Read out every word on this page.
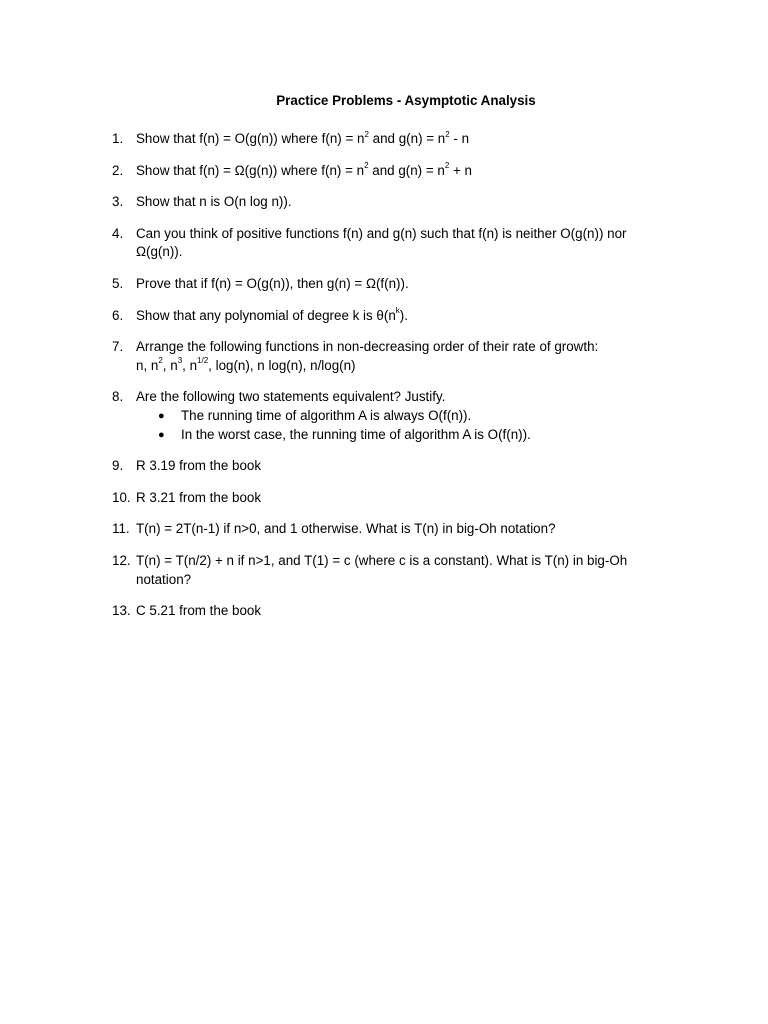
Practice Problems - Asymptotic Analysis
1. Show that f(n) = O(g(n)) where $f(n) = n^2$ and $g(n) = n^2 - n$
2. Show that f(n) = Ω(g(n)) where $f(n) = n^2$ and $g(n) = n^2 + n$
3. Show that n is O(n log n)).
4. Can you think of positive functions f(n) and g(n) such that f(n) is neither O(g(n)) nor
Ω(g(n)).
5. Prove that if f(n) = O(g(n)), then g(n) = Ω(f(n)).
6. Show that any polynomial of degree k is $\theta(n^k)$.
7. Arrange the following functions in non-decreasing order of their rate of growth:
n, $n^2$, $n^3$, $n^{1/2}$, log(n), n log(n), n/log(n)
8. Are the following two statements equivalent? Justify.
● The running time of algorithm A is always O(f(n)).
● In the worst case, the running time of algorithm A is O(f(n)).
9. R 3.19 from the book
10. R 3.21 from the book
11. T(n) = 2T(n-1) if n>0, and 1 otherwise. What is T(n) in big-Oh notation?
12. T(n) = T(n/2) + n if n>1, and T(1) = c (where c is a constant). What is T(n) in big-Oh
notation?
13. C 5.21 from the book
